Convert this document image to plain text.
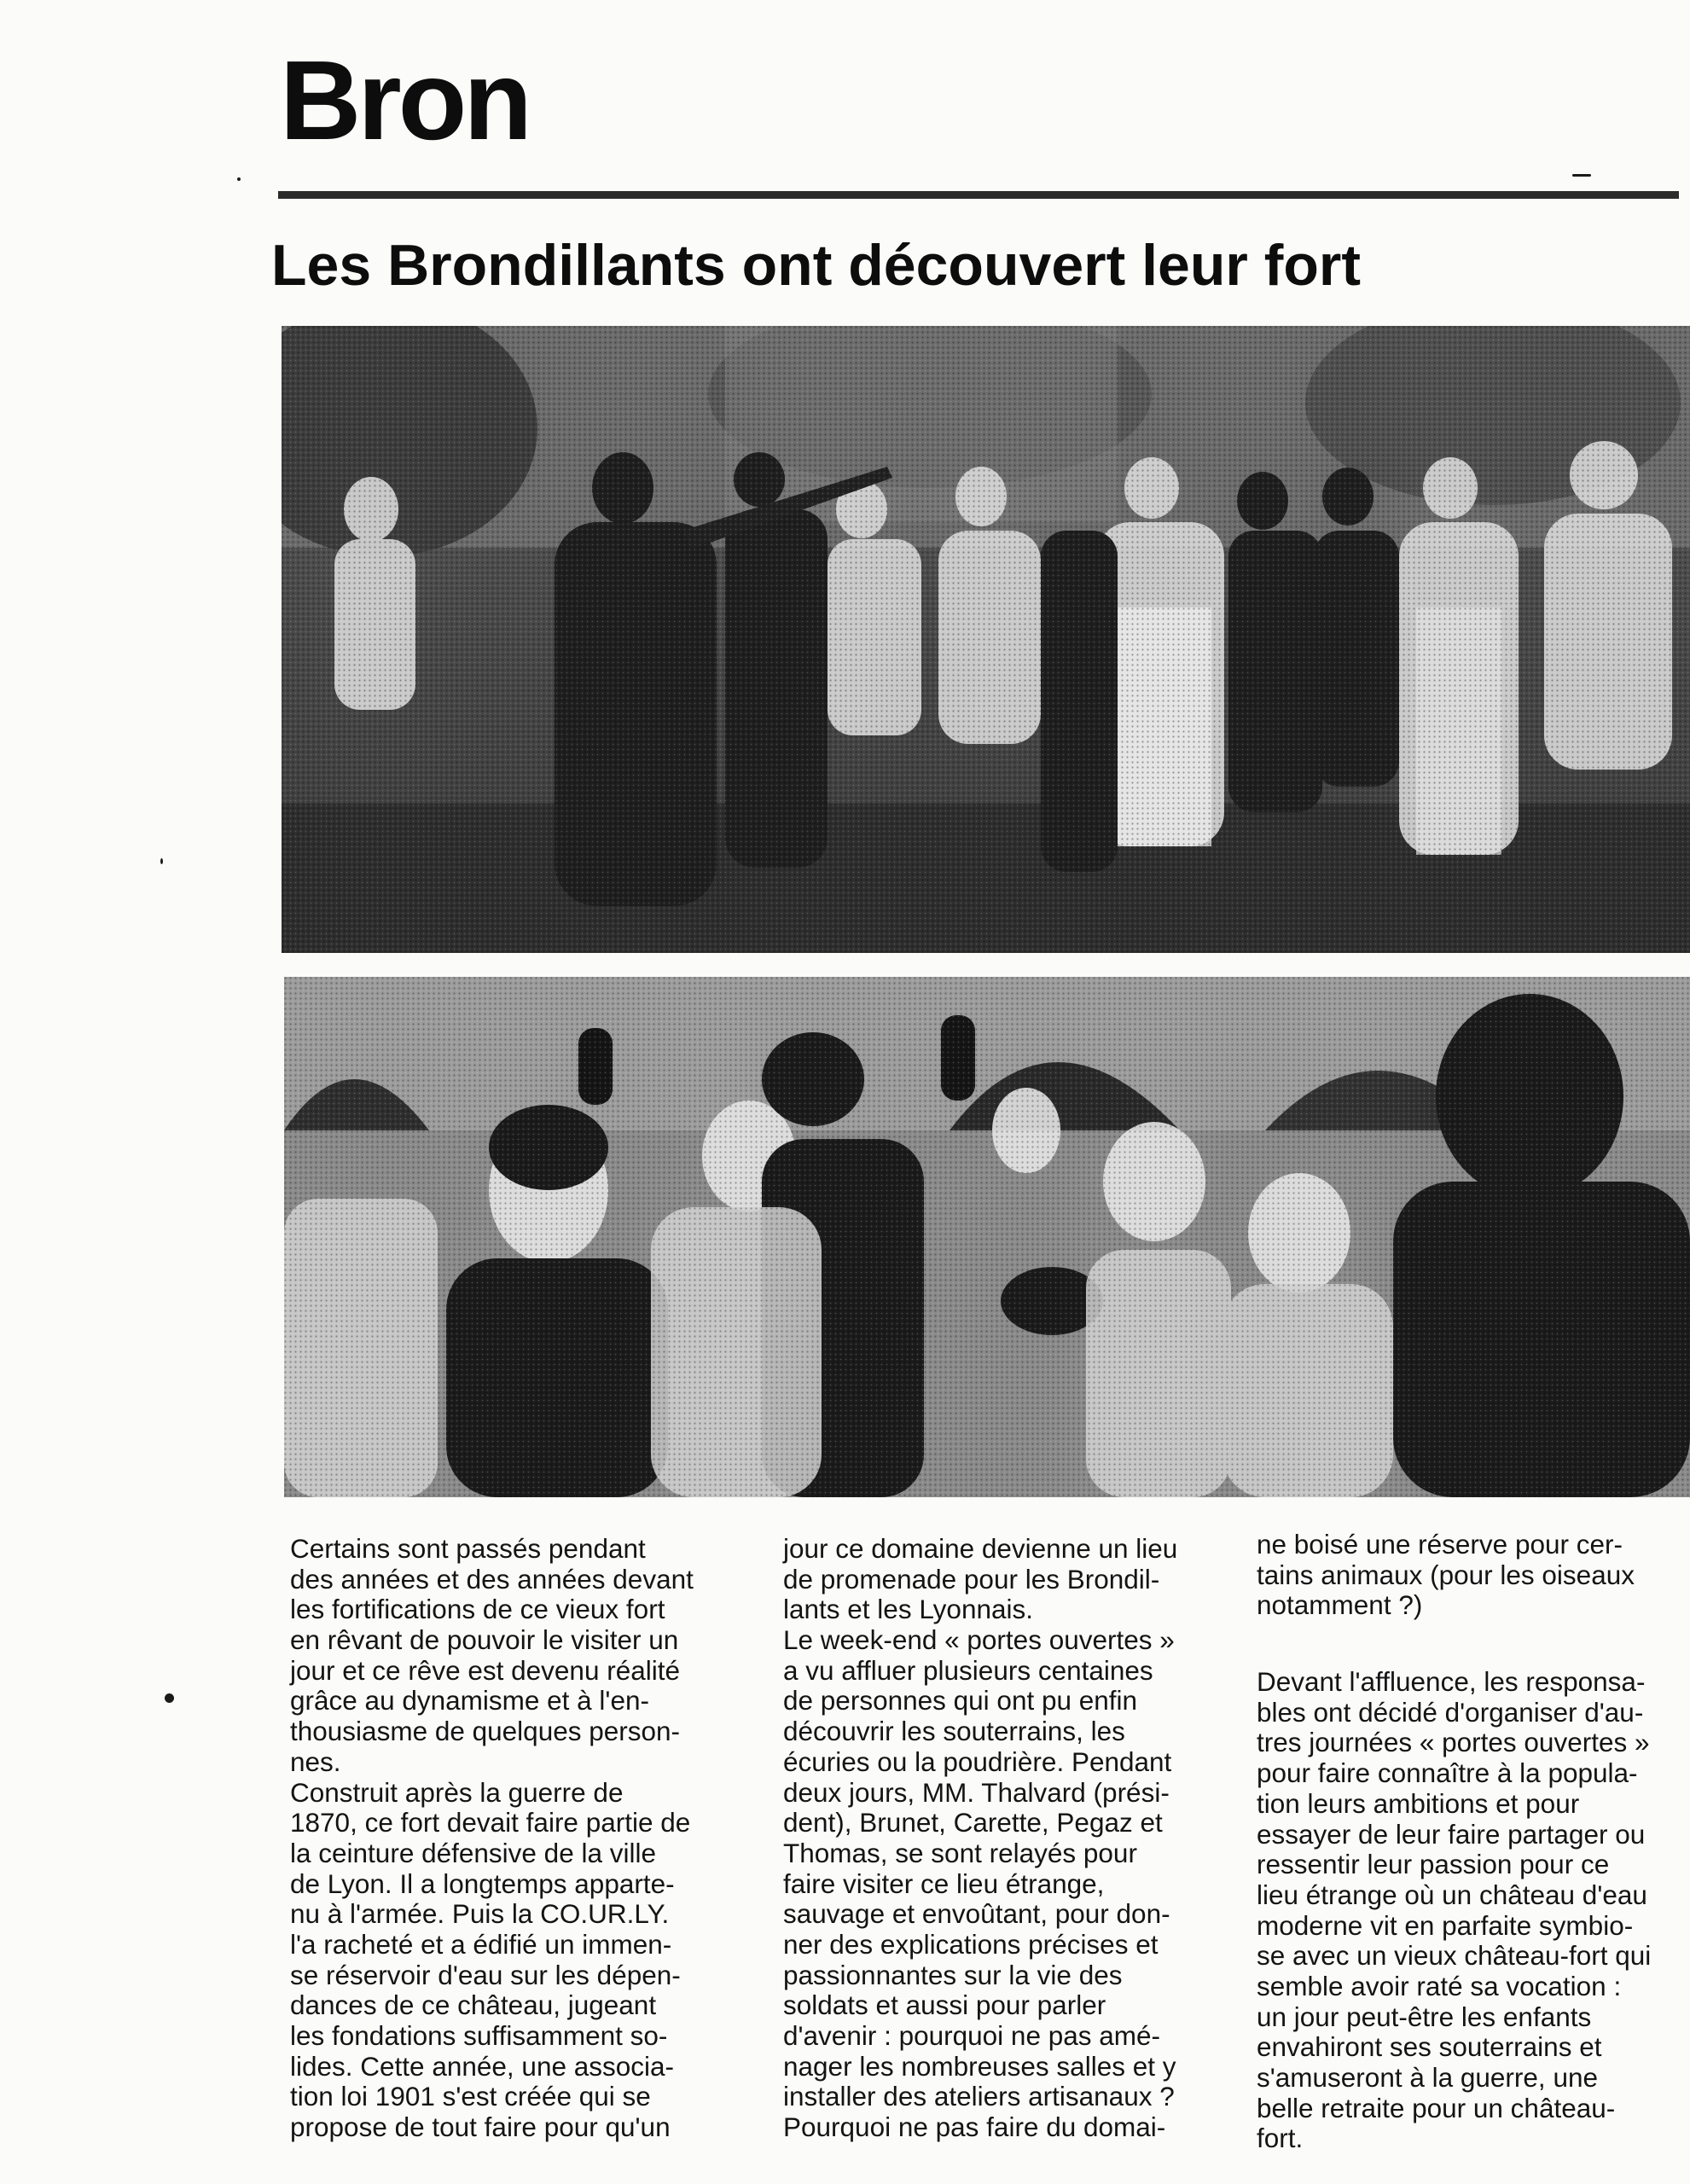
Bron
Les Brondillants ont découvert leur fort
Certains sont passés pendant
des années et des années devant
les fortifications de ce vieux fort
en rêvant de pouvoir le visiter un
jour et ce rêve est devenu réalité
grâce au dynamisme et à l'en-
thousiasme de quelques person-
nes.
Construit après la guerre de
1870, ce fort devait faire partie de
la ceinture défensive de la ville
de Lyon. Il a longtemps apparte-
nu à l'armée. Puis la CO.UR.LY.
l'a racheté et a édifié un immen-
se réservoir d'eau sur les dépen-
dances de ce château, jugeant
les fondations suffisamment so-
lides. Cette année, une associa-
tion loi 1901 s'est créée qui se
propose de tout faire pour qu'un
jour ce domaine devienne un lieu
de promenade pour les Brondil-
lants et les Lyonnais.
Le week-end « portes ouvertes »
a vu affluer plusieurs centaines
de personnes qui ont pu enfin
découvrir les souterrains, les
écuries ou la poudrière. Pendant
deux jours, MM. Thalvard (prési-
dent), Brunet, Carette, Pegaz et
Thomas, se sont relayés pour
faire visiter ce lieu étrange,
sauvage et envoûtant, pour don-
ner des explications précises et
passionnantes sur la vie des
soldats et aussi pour parler
d'avenir : pourquoi ne pas amé-
nager les nombreuses salles et y
installer des ateliers artisanaux ?
Pourquoi ne pas faire du domai-
ne boisé une réserve pour cer-
tains animaux (pour les oiseaux
notamment ?)
Devant l'affluence, les responsa-
bles ont décidé d'organiser d'au-
tres journées « portes ouvertes »
pour faire connaître à la popula-
tion leurs ambitions et pour
essayer de leur faire partager ou
ressentir leur passion pour ce
lieu étrange où un château d'eau
moderne vit en parfaite symbio-
se avec un vieux château-fort qui
semble avoir raté sa vocation :
un jour peut-être les enfants
envahiront ses souterrains et
s'amuseront à la guerre, une
belle retraite pour un château-
fort.
